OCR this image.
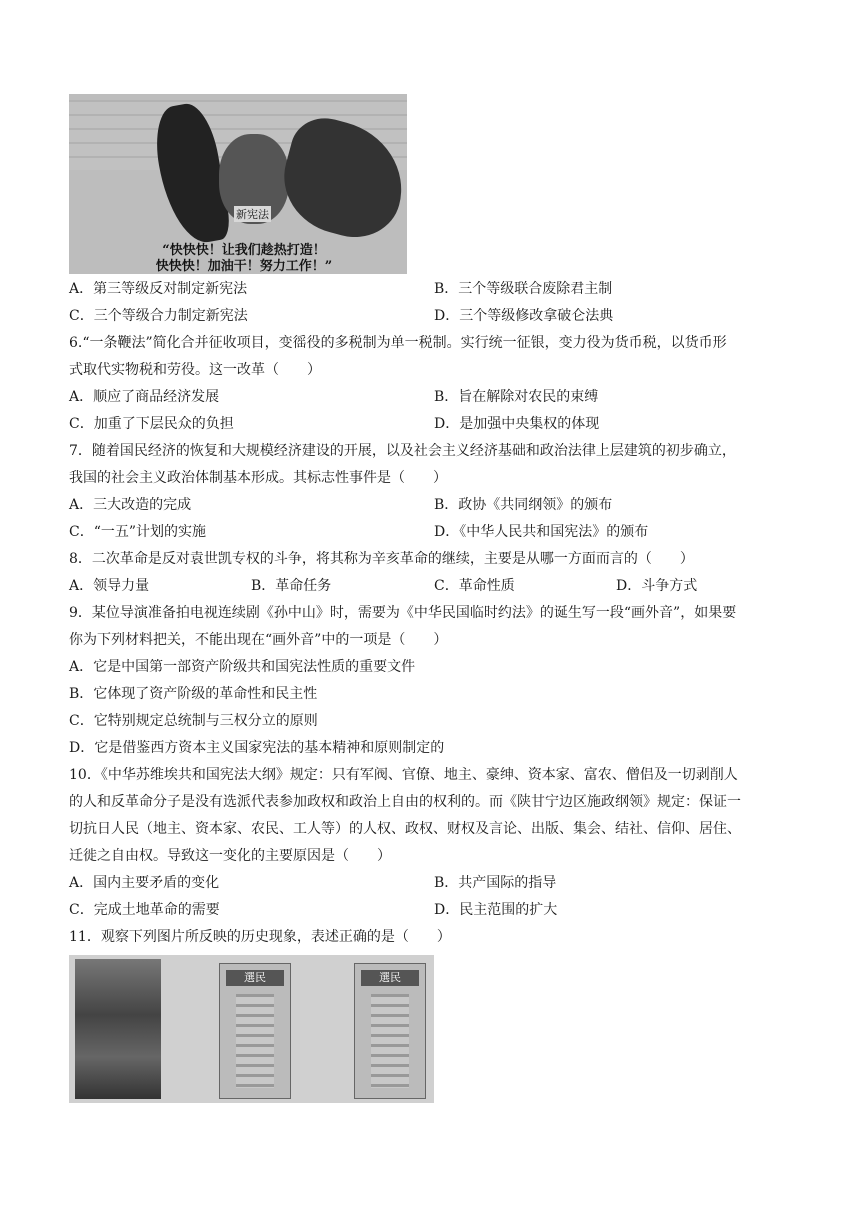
新宪法
“快快快！让我们趁热打造！
快快快！加油干！努力工作！”
A．第三等级反对制定新宪法	B．三个等级联合废除君主制
C．三个等级合力制定新宪法	D．三个等级修改拿破仑法典
6.“一条鞭法”简化合并征收项目，变徭役的多税制为单一税制。实行统一征银，变力役为货币税，以货币形
式取代实物税和劳役。这一改革（　　）
A．顺应了商品经济发展	B．旨在解除对农民的束缚
C．加重了下层民众的负担	D．是加强中央集权的体现
7．随着国民经济的恢复和大规模经济建设的开展，以及社会主义经济基础和政治法律上层建筑的初步确立，
我国的社会主义政治体制基本形成。其标志性事件是（　　）
A．三大改造的完成	B．政协《共同纲领》的颁布
C．“一五”计划的实施	D．《中华人民共和国宪法》的颁布
8．二次革命是反对袁世凯专权的斗争，将其称为辛亥革命的继续，主要是从哪一方面而言的（　　）
A．领导力量	B．革命任务	C．革命性质	D．斗争方式
9．某位导演准备拍电视连续剧《孙中山》时，需要为《中华民国临时约法》的诞生写一段“画外音”，如果要
你为下列材料把关，不能出现在“画外音”中的一项是（　　）
A．它是中国第一部资产阶级共和国宪法性质的重要文件
B．它体现了资产阶级的革命性和民主性
C．它特别规定总统制与三权分立的原则
D．它是借鉴西方资本主义国家宪法的基本精神和原则制定的
10．《中华苏维埃共和国宪法大纲》规定：只有军阀、官僚、地主、豪绅、资本家、富农、僧侣及一切剥削人
的人和反革命分子是没有选派代表参加政权和政治上自由的权利的。而《陕甘宁边区施政纲领》规定：保证一
切抗日人民（地主、资本家、农民、工人等）的人权、政权、财权及言论、出版、集会、结社、信仰、居住、
迁徙之自由权。导致这一变化的主要原因是（　　）
A．国内主要矛盾的变化	B．共产国际的指导
C．完成土地革命的需要	D．民主范围的扩大
11．观察下列图片所反映的历史现象，表述正确的是（　　）
選民	選民
